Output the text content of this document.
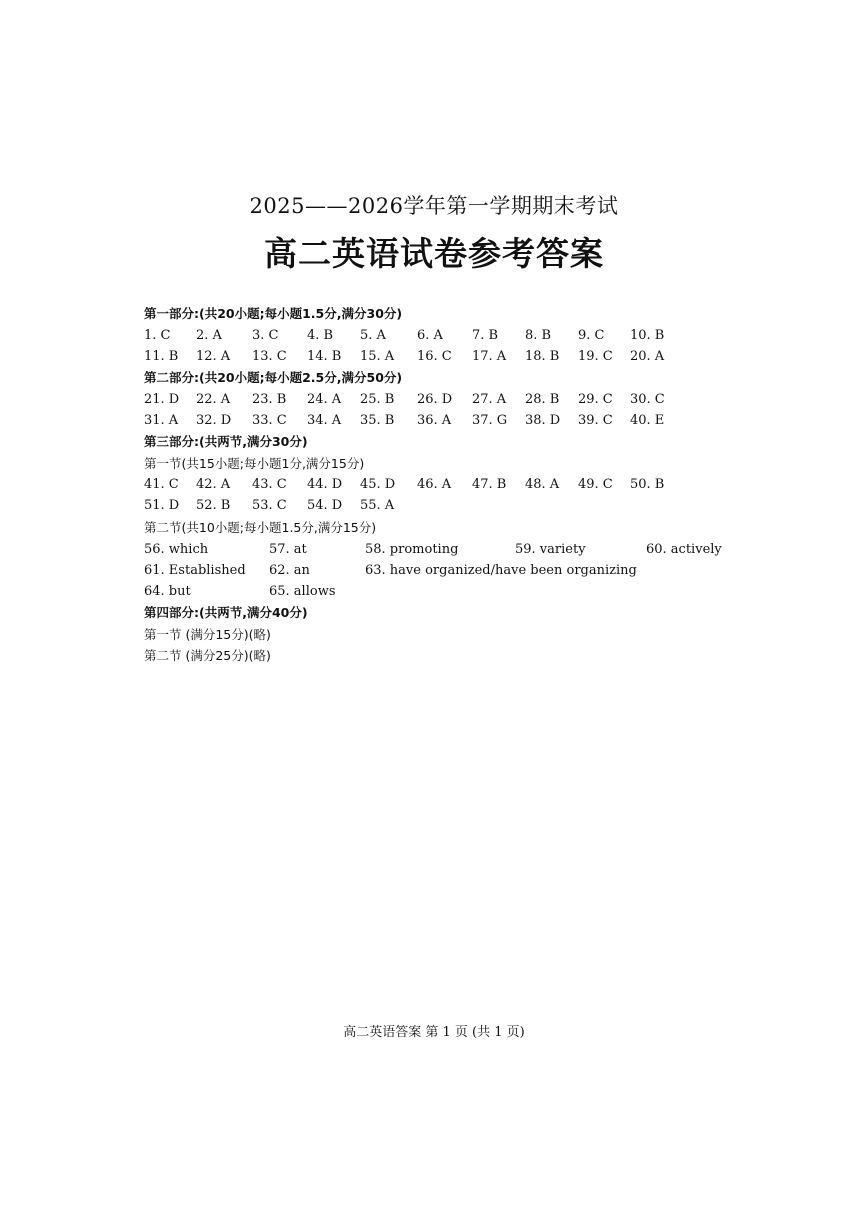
2025——2026学年第一学期期末考试
高二英语试卷参考答案
第一部分:(共20小题;每小题1.5分,满分30分)
1. C 2. A 3. C 4. B 5. A 6. A 7. B 8. B 9. C 10. B
11. B 12. A 13. C 14. B 15. A 16. C 17. A 18. B 19. C 20. A
第二部分:(共20小题;每小题2.5分,满分50分)
21. D 22. A 23. B 24. A 25. B 26. D 27. A 28. B 29. C 30. C
31. A 32. D 33. C 34. A 35. B 36. A 37. G 38. D 39. C 40. E
第三部分:(共两节,满分30分)
第一节(共15小题;每小题1分,满分15分)
41. C 42. A 43. C 44. D 45. D 46. A 47. B 48. A 49. C 50. B
51. D 52. B 53. C 54. D 55. A
第二节(共10小题;每小题1.5分,满分15分)
56. which	57. at	58. promoting	59. variety	60. actively
61. Established 62. an	63. have organized/have been organizing
64. but	65. allows
第四部分:(共两节,满分40分)
第一节 (满分15分)(略)
第二节 (满分25分)(略)
高二英语答案 第 1 页 (共 1 页)
